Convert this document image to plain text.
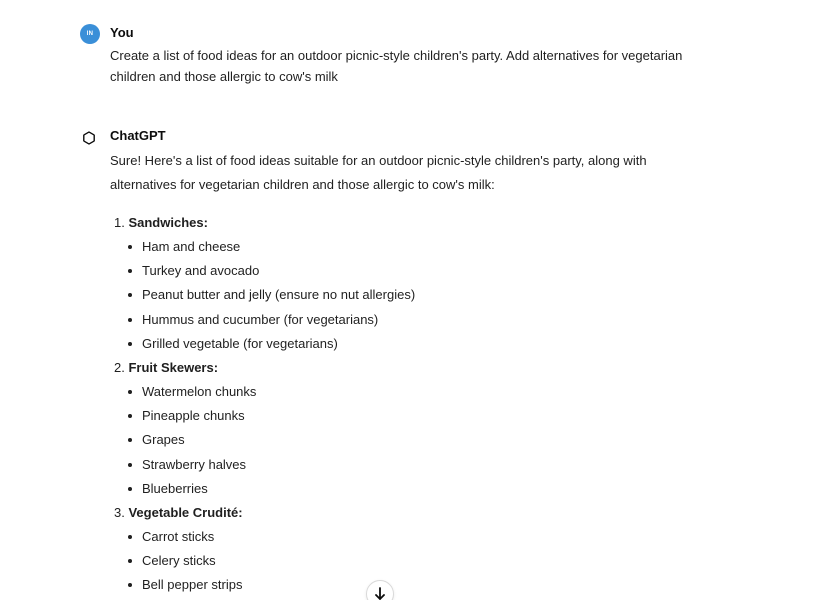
IN	You
Create a list of food ideas for an outdoor picnic-style children's party. Add alternatives for vegetarian children and those allergic to cow's milk
ChatGPT
Sure! Here's a list of food ideas suitable for an outdoor picnic-style children's party, along with alternatives for vegetarian children and those allergic to cow's milk:
1. Sandwiches:
Ham and cheese
Turkey and avocado
Peanut butter and jelly (ensure no nut allergies)
Hummus and cucumber (for vegetarians)
Grilled vegetable (for vegetarians)
2. Fruit Skewers:
Watermelon chunks
Pineapple chunks
Grapes
Strawberry halves
Blueberries
3. Vegetable Crudité:
Carrot sticks
Celery sticks
Bell pepper strips
